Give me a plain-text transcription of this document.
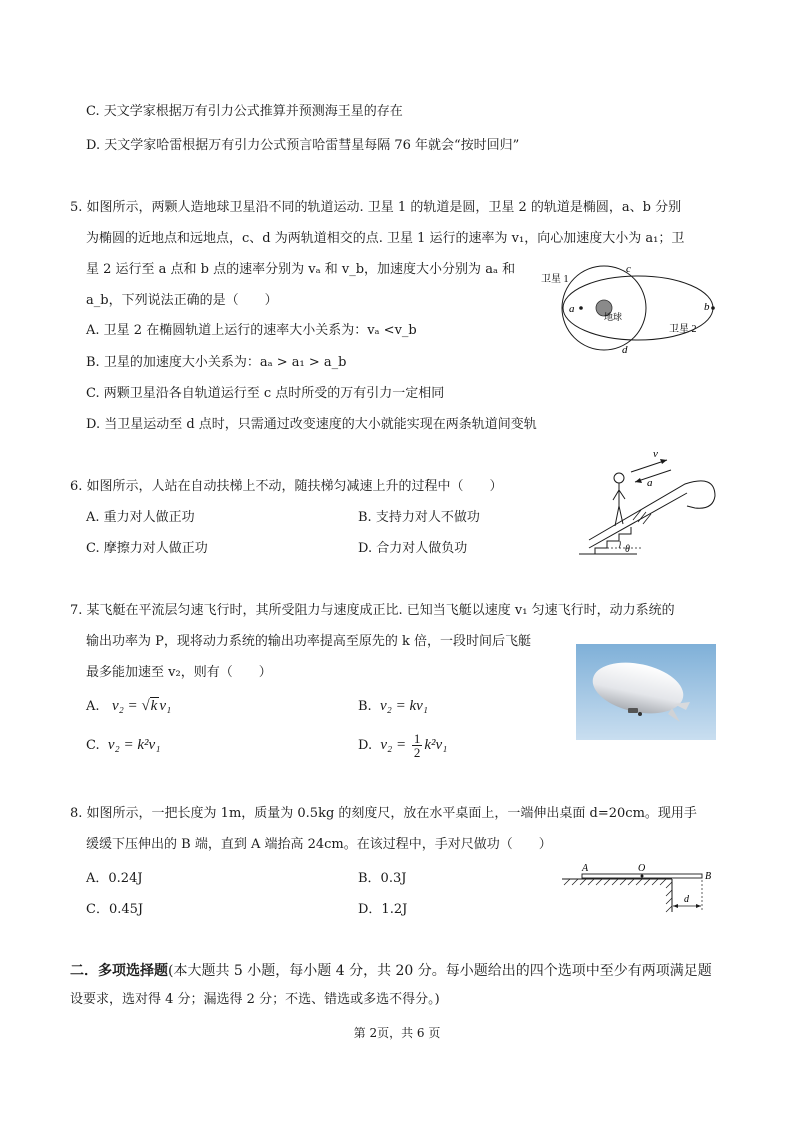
C. 天文学家根据万有引力公式推算并预测海王星的存在
D. 天文学家哈雷根据万有引力公式预言哈雷彗星每隔 76 年就会“按时回归”
5. 如图所示，两颗人造地球卫星沿不同的轨道运动. 卫星 1 的轨道是圆，卫星 2 的轨道是椭圆，a、b 分别
为椭圆的近地点和远地点，c、d 为两轨道相交的点. 卫星 1 运行的速率为 v₁，向心加速度大小为 a₁；卫
星 2 运行至 a 点和 b 点的速率分别为 vₐ 和 v_b，加速度大小分别为 aₐ 和
a_b，下列说法正确的是（　　）
A. 卫星 2 在椭圆轨道上运行的速率大小关系为：vₐ <v_b
B. 卫星的加速度大小关系为：aₐ > a₁ > a_b
C. 两颗卫星沿各自轨道运行至 c 点时所受的万有引力一定相同
D. 当卫星运动至 d 点时，只需通过改变速度的大小就能实现在两条轨道间变轨
卫星 1
卫星 2
地球
a	b
c
d
6. 如图所示，人站在自动扶梯上不动，随扶梯匀减速上升的过程中（　　）
A. 重力对人做正功	B. 支持力对人不做功
C. 摩擦力对人做正功	D. 合力对人做负功
v
a
θ
7. 某飞艇在平流层匀速飞行时，其所受阻力与速度成正比. 已知当飞艇以速度 v₁ 匀速飞行时，动力系统的
输出功率为 P，现将动力系统的输出功率提高至原先的 k 倍，一段时间后飞艇
最多能加速至 v₂，则有（　　）
A. v₂ = √k v₁	B. v₂ = kv₁
C. v₂ = k²v₁	D. $v_2 = \frac{1}{2} k^2v_1$
8. 如图所示，一把长度为 1m，质量为 0.5kg 的刻度尺，放在水平桌面上，一端伸出桌面 d=20cm。现用手
缓缓下压伸出的 B 端，直到 A 端抬高 24cm。在该过程中，手对尺做功（　　）
A．0.24J	B．0.3J
C．0.45J	D．1.2J
A	O
B
d
二．多项选择题(本大题共 5 小题，每小题 4 分，共 20 分。每小题给出的四个选项中至少有两项满足题
设要求，选对得 4 分；漏选得 2 分；不选、错选或多选不得分。)
第 2页，共 6 页
